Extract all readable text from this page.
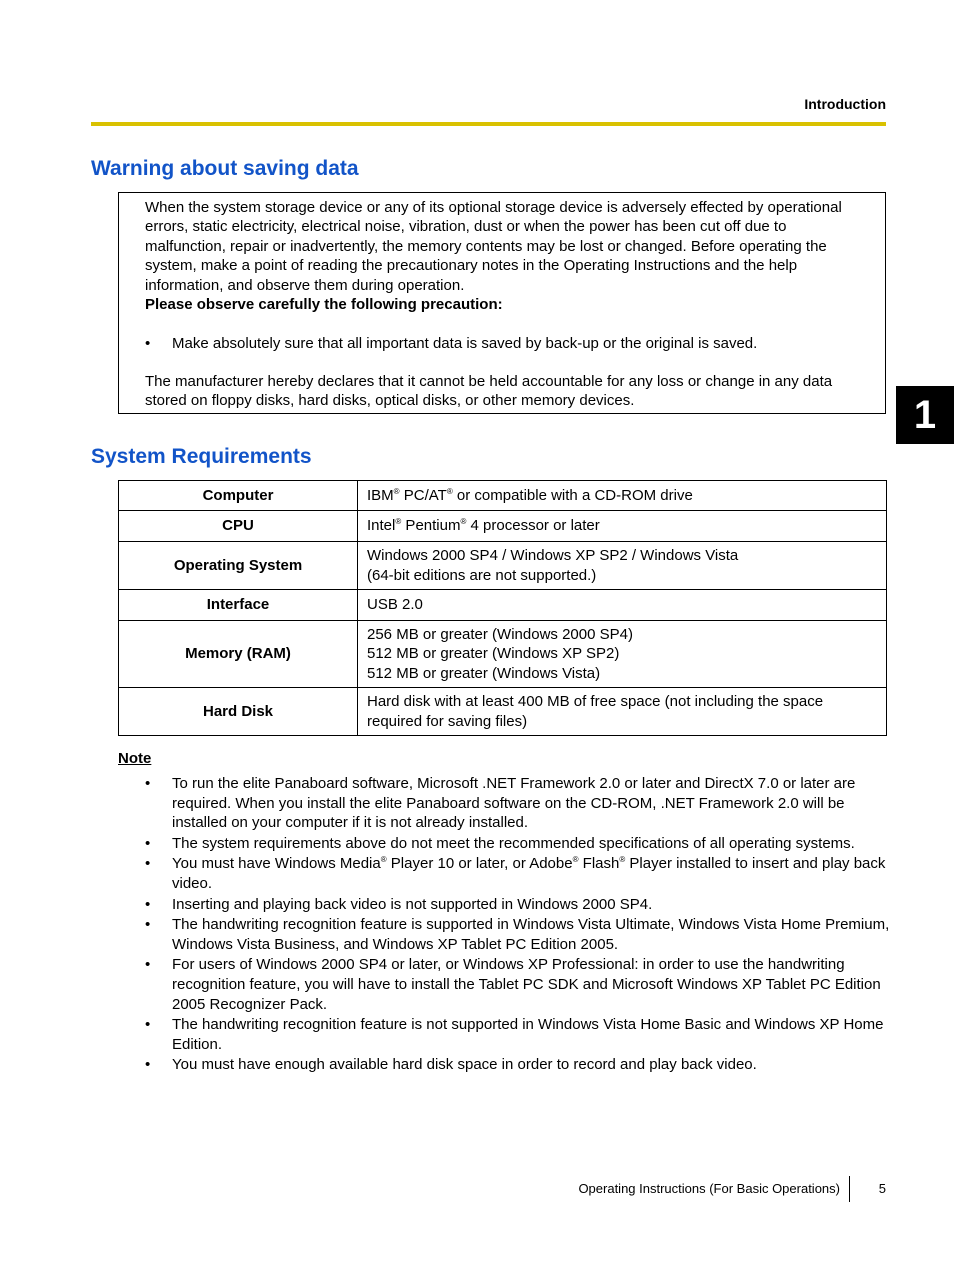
Introduction
1
Warning about saving data

When the system storage device or any of its optional storage device is adversely effected by operational errors, static electricity, electrical noise, vibration, dust or when the power has been cut off due to malfunction, repair or inadvertently, the memory contents may be lost or changed. Before operating the system, make a point of reading the precautionary notes in the Operating Instructions and the help information, and observe them during operation.

Please observe carefully the following precaution:

• Make absolutely sure that all important data is saved by back-up or the original is saved.

The manufacturer hereby declares that it cannot be held accountable for any loss or change in any data stored on floppy disks, hard disks, optical disks, or other memory devices.

System Requirements
Computer	IBM® PC/AT® or compatible with a CD-ROM drive
CPU	Intel® Pentium® 4 processor or later
Operating System	Windows 2000 SP4 / Windows XP SP2 / Windows Vista
(64-bit editions are not supported.)

Interface	USB 2.0

Memory (RAM)	256 MB or greater (Windows 2000 SP4)
512 MB or greater (Windows XP SP2)
512 MB or greater (Windows Vista)

Hard Disk	Hard disk with at least 400 MB of free space (not including the space
required for saving files)
Note
• To run the elite Panaboard software, Microsoft .NET Framework 2.0 or later and DirectX 7.0 or later are required. When you install the elite Panaboard software on the CD-ROM, .NET Framework 2.0 will be installed on your computer if it is not already installed.
• The system requirements above do not meet the recommended specifications of all operating systems.
• You must have Windows Media® Player 10 or later, or Adobe® Flash® Player installed to insert and play back video.
• Inserting and playing back video is not supported in Windows 2000 SP4.
• The handwriting recognition feature is supported in Windows Vista Ultimate, Windows Vista Home Premium, Windows Vista Business, and Windows XP Tablet PC Edition 2005.
• For users of Windows 2000 SP4 or later, or Windows XP Professional: in order to use the handwriting recognition feature, you will have to install the Tablet PC SDK and Microsoft Windows XP Tablet PC Edition 2005 Recognizer Pack.
• The handwriting recognition feature is not supported in Windows Vista Home Basic and Windows XP Home Edition.
• You must have enough available hard disk space in order to record and play back video.
Operating Instructions (For Basic Operations)	5
